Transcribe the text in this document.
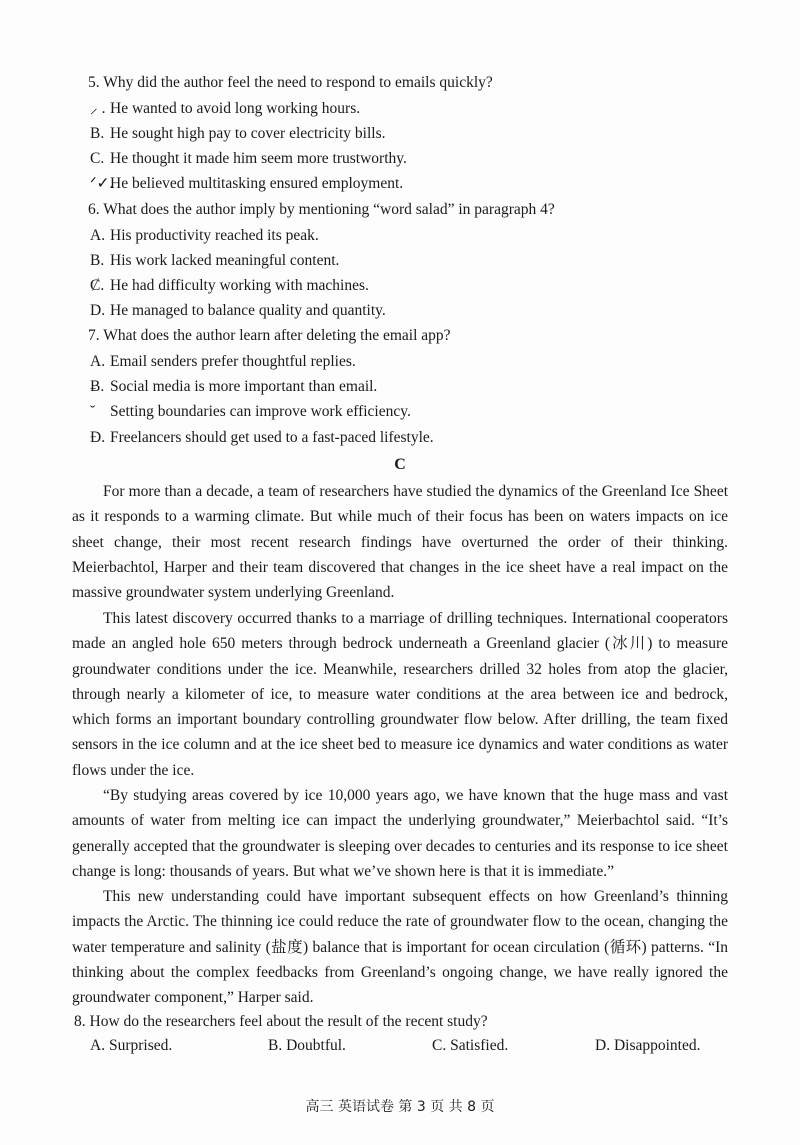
5. Why did the author feel the need to respond to emails quickly?
⸝ . He wanted to avoid long working hours.
B. He sought high pay to cover electricity bills.
C. He thought it made him seem more trustworthy.
ᐟ✓.He believed multitasking ensured employment.
6. What does the author imply by mentioning “word salad” in paragraph 4?
A. His productivity reached its peak.
B. His work lacked meaningful content.
Ȼ. He had difficulty working with machines.
D. He managed to balance quality and quantity.
7. What does the author learn after deleting the email app?
A. Email senders prefer thoughtful replies.
Ƀ. Social media is more important than email.
˘ Setting boundaries can improve work efficiency.
Ð. Freelancers should get used to a fast-paced lifestyle.
C
For more than a decade, a team of researchers have studied the dynamics of the Greenland Ice Sheet as it responds to a warming climate. But while much of their focus has been on waters impacts on ice sheet change, their most recent research findings have overturned the order of their thinking. Meierbachtol, Harper and their team discovered that changes in the ice sheet have a real impact on the massive groundwater system underlying Greenland.
This latest discovery occurred thanks to a marriage of drilling techniques. International cooperators made an angled hole 650 meters through bedrock underneath a Greenland glacier (冰川) to measure groundwater conditions under the ice. Meanwhile, researchers drilled 32 holes from atop the glacier, through nearly a kilometer of ice, to measure water conditions at the area between ice and bedrock, which forms an important boundary controlling groundwater flow below. After drilling, the team fixed sensors in the ice column and at the ice sheet bed to measure ice dynamics and water conditions as water flows under the ice.
“By studying areas covered by ice 10,000 years ago, we have known that the huge mass and vast amounts of water from melting ice can impact the underlying groundwater,” Meierbachtol said. “It’s generally accepted that the groundwater is sleeping over decades to centuries and its response to ice sheet change is long: thousands of years. But what we’ve shown here is that it is immediate.”
This new understanding could have important subsequent effects on how Greenland’s thinning impacts the Arctic. The thinning ice could reduce the rate of groundwater flow to the ocean, changing the water temperature and salinity (盐度) balance that is important for ocean circulation (循环) patterns. “In thinking about the complex feedbacks from Greenland’s ongoing change, we have really ignored the groundwater component,” Harper said.
8. How do the researchers feel about the result of the recent study?
A. Surprised.	B. Doubtful.	C. Satisfied.	D. Disappointed.
高三 英语试卷 第 3 页 共 8 页
